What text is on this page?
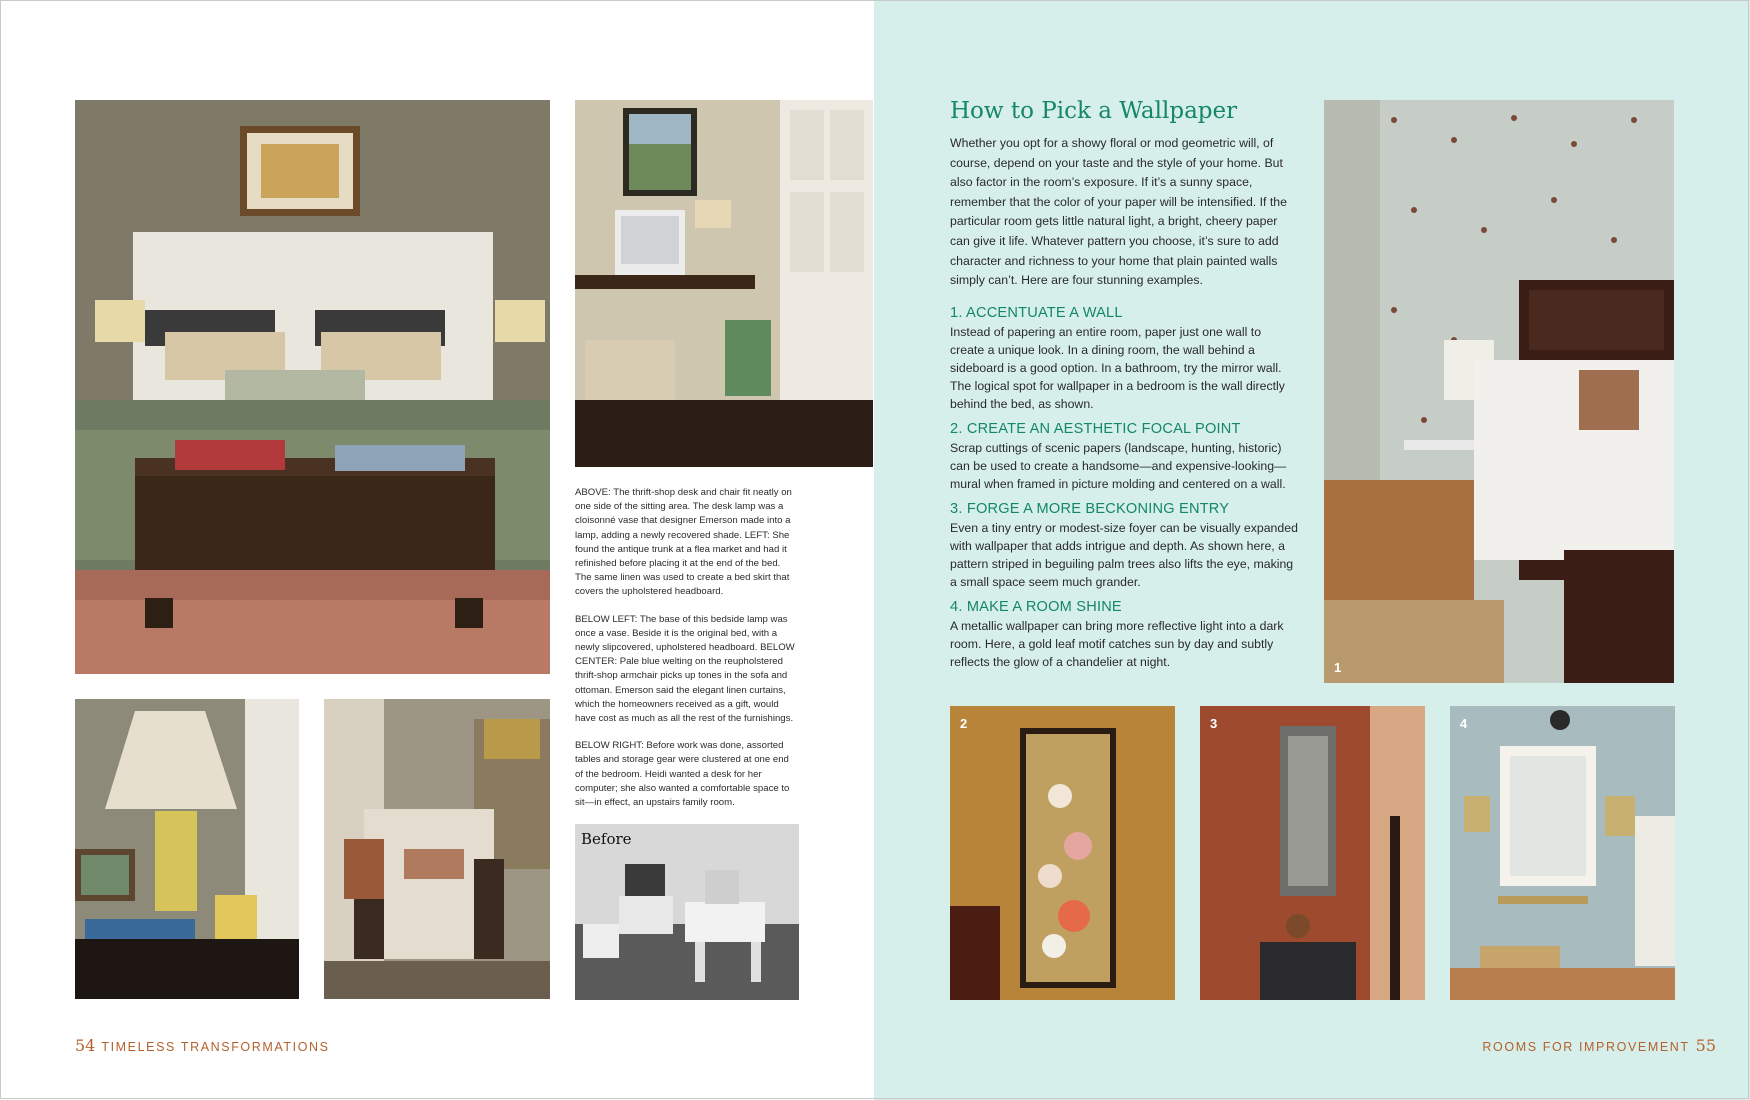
ABOVE: The thrift-shop desk and chair fit neatly on one side of the sitting area. The desk lamp was a cloisonné vase that designer Emerson made into a lamp, adding a newly recovered shade. LEFT: She found the antique trunk at a flea market and had it refinished before placing it at the end of the bed. The same linen was used to create a bed skirt that covers the upholstered headboard.

BELOW LEFT: The base of this bedside lamp was once a vase. Beside it is the original bed, with a newly slipcovered, upholstered headboard. BELOW CENTER: Pale blue welting on the reupholstered thrift-shop armchair picks up tones in the sofa and ottoman. Emerson said the elegant linen curtains, which the homeowners received as a gift, would have cost as much as all the rest of the furnishings.

BELOW RIGHT: Before work was done, assorted tables and storage gear were clustered at one end of the bedroom. Heidi wanted a desk for her computer; she also wanted a comfortable space to sit—in effect, an upstairs family room.

Before
54 TIMELESS TRANSFORMATIONS
How to Pick a Wallpaper

Whether you opt for a showy floral or mod geometric will, of course, depend on your taste and the style of your home. But also factor in the room’s exposure. If it’s a sunny space, remember that the color of your paper will be intensified. If the particular room gets little natural light, a bright, cheery paper can give it life. Whatever pattern you choose, it’s sure to add character and richness to your home that plain painted walls simply can’t. Here are four stunning examples.

1. ACCENTUATE A WALL

Instead of papering an entire room, paper just one wall to create a unique look. In a dining room, the wall behind a sideboard is a good option. In a bathroom, try the mirror wall. The logical spot for wallpaper in a bedroom is the wall directly behind the bed, as shown.

2. CREATE AN AESTHETIC FOCAL POINT

Scrap cuttings of scenic papers (landscape, hunting, historic) can be used to create a handsome—and expensive-looking—mural when framed in picture molding and centered on a wall.

3. FORGE A MORE BECKONING ENTRY

Even a tiny entry or modest-size foyer can be visually expanded with wallpaper that adds intrigue and depth. As shown here, a pattern striped in beguiling palm trees also lifts the eye, making a small space seem much grander.

4. MAKE A ROOM SHINE

A metallic wallpaper can bring more reflective light into a dark room. Here, a gold leaf motif catches sun by day and subtly reflects the glow of a chandelier at night.	1
2	3	4
ROOMS FOR IMPROVEMENT 55
